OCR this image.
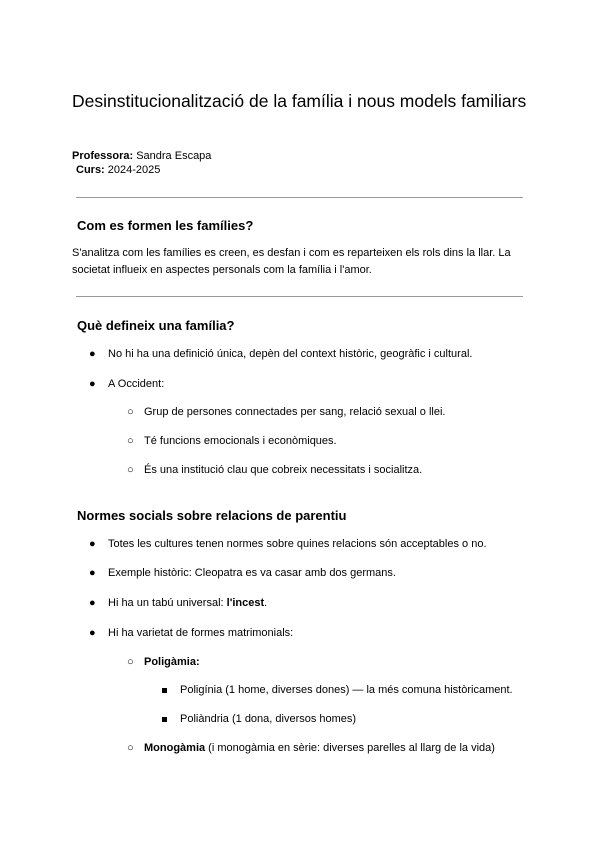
Desinstitucionalització de la família i nous models familiars
Professora: Sandra Escapa
Curs: 2024-2025
Com es formen les famílies?

S'analitza com les famílies es creen, es desfan i com es reparteixen els rols dins la llar. La societat influeix en aspectes personals com la família i l'amor.

Què defineix una família?
● No hi ha una definició única, depèn del context històric, geogràfic i cultural.
● A Occident:
○ Grup de persones connectades per sang, relació sexual o llei.
○ Té funcions emocionals i econòmiques.
○ És una institució clau que cobreix necessitats i socialitza.
Normes socials sobre relacions de parentiu
● Totes les cultures tenen normes sobre quines relacions són acceptables o no.
● Exemple històric: Cleopatra es va casar amb dos germans.
● Hi ha un tabú universal: l'incest.
● Hi ha varietat de formes matrimonials:
○ Poligàmia:
Poligínia (1 home, diverses dones) — la més comuna històricament.
Poliàndria (1 dona, diversos homes)
○ Monogàmia (i monogàmia en sèrie: diverses parelles al llarg de la vida)
